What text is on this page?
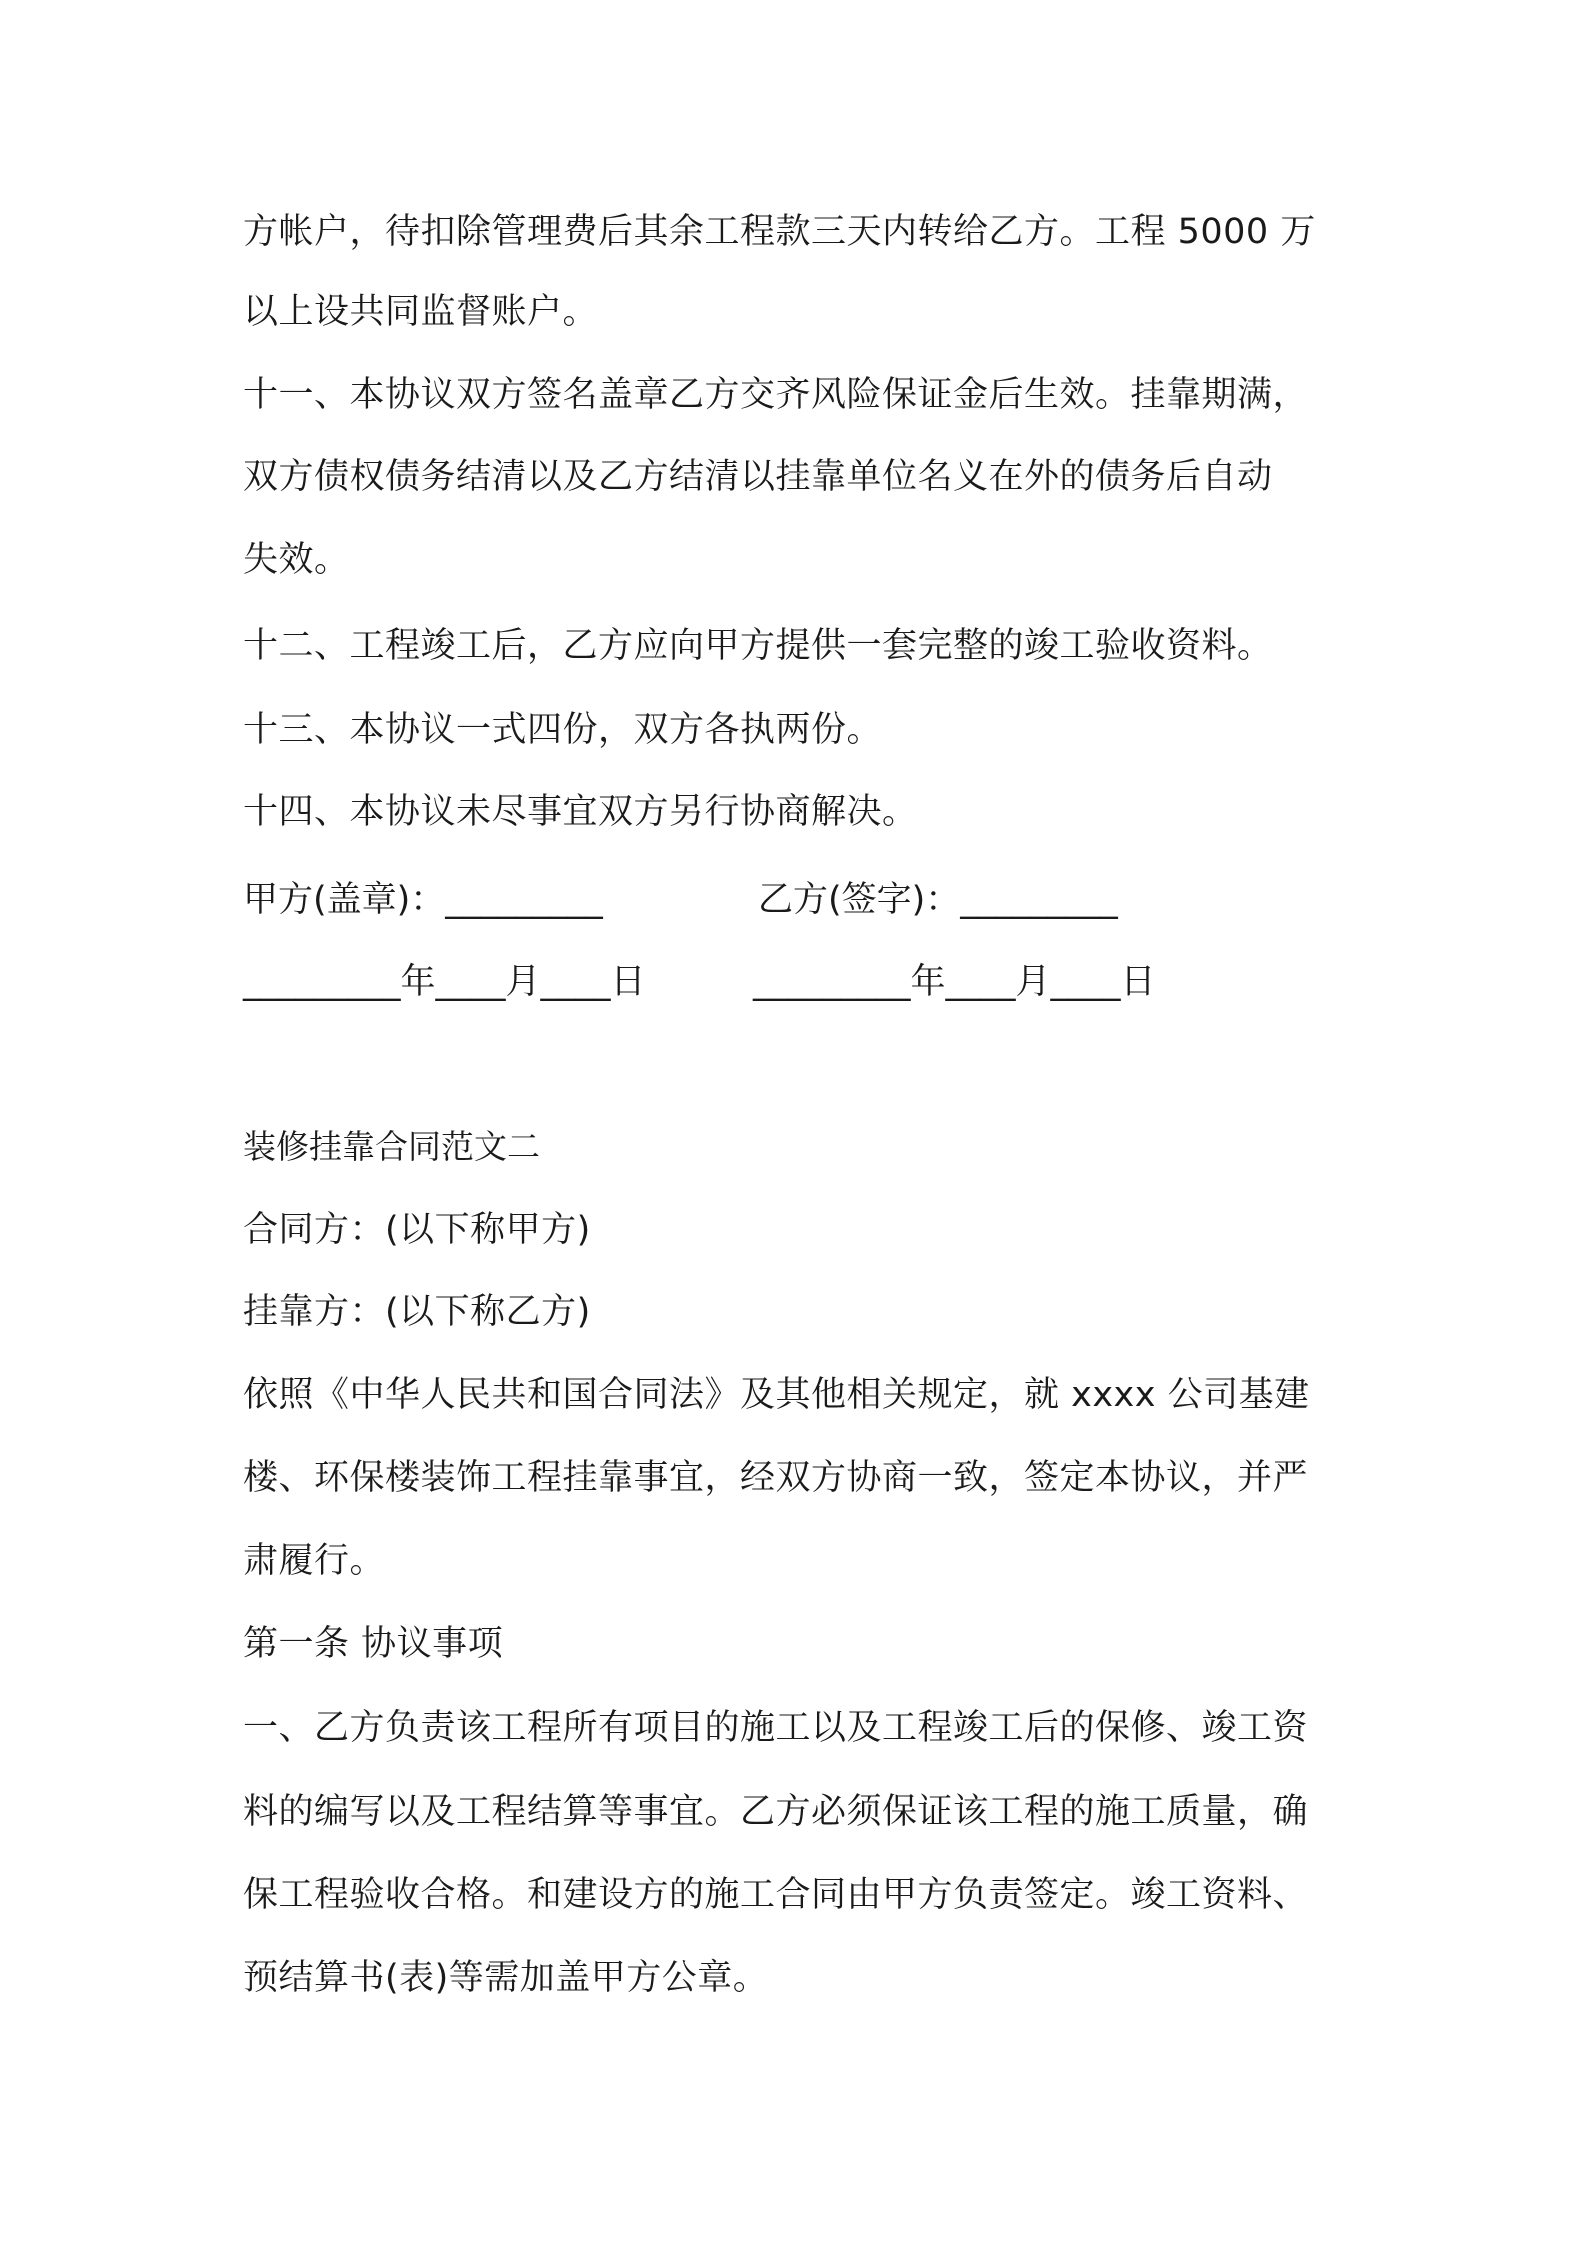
方帐户，待扣除管理费后其余工程款三天内转给乙方。工程 5000 万
以上设共同监督账户。
十一、本协议双方签名盖章乙方交齐风险保证金后生效。挂靠期满，
双方债权债务结清以及乙方结清以挂靠单位名义在外的债务后自动
失效。
十二、工程竣工后，乙方应向甲方提供一套完整的竣工验收资料。
十三、本协议一式四份，双方各执两份。
十四、本协议未尽事宜双方另行协商解决。
甲方(盖章)：_________	乙方(签字)：_________
_________年____月____日	_________年____月____日
装修挂靠合同范文二
合同方：(以下称甲方)
挂靠方：(以下称乙方)
依照《中华人民共和国合同法》及其他相关规定，就 xxxx 公司基建
楼、环保楼装饰工程挂靠事宜，经双方协商一致，签定本协议，并严
肃履行。
第一条 协议事项
一、乙方负责该工程所有项目的施工以及工程竣工后的保修、竣工资
料的编写以及工程结算等事宜。乙方必须保证该工程的施工质量，确
保工程验收合格。和建设方的施工合同由甲方负责签定。竣工资料、
预结算书(表)等需加盖甲方公章。
